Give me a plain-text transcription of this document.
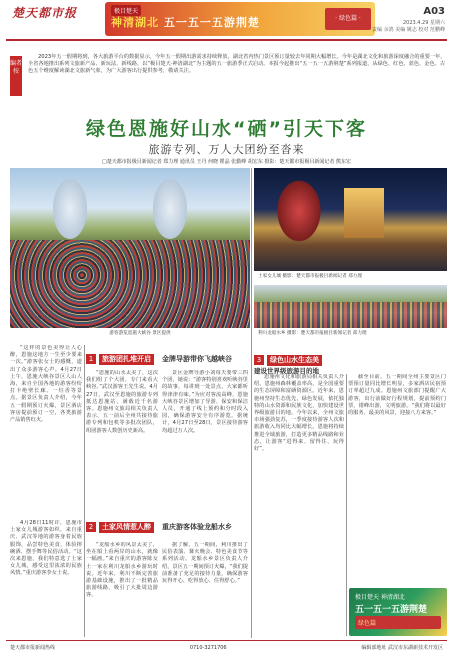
楚天都市报	极目楚天
神清湖北 五一五一五游荆楚	· 绿色篇 ·
A03
2023.4.29 星期六
责编 余鸽 美编 姚志 校对 范鹏峰
编者按
2023年五一假期将到，各大旅游平台的数据显示，今年五一假期出游需求持续释放，湖北省内热门景区预订量较去年同期大幅增长。今年是湖北文化和旅游深度融合的重要一年，全省各地推出系列文旅新产品、新玩法、新线路，以“极目楚天·神清湖北”为主题的五一旅游季正式启动。本报今起推出“五一五一五游荆楚”系列报道，从绿色、红色、蓝色、金色、古色五个维度解读湖北文旅新气象，为广大游客出行提供参考，敬请关注。
绿色恩施好山水“硒”引天下客
旅游专列、万人大团纷至沓来
□楚天都市报极目新闻记者 郑力理 通讯员 王丹 何晓 瞿晶 张勤峰 胡宏东 摄影：楚天都市报极目新闻记者 熊东宏
游客游览恩施大峡谷 景区提供
土家女儿城 摄影：楚天都市报极目新闻记者 郑力理
利川龙船水乡 摄影：楚天都市报极目新闻记者 郑力理
1	旅游团扎堆开启	金牌导游带你飞越峡谷
2	土家风情惹人醉	重庆游客体验龙船水乡
3	绿色山水生态美
建设世界级旅游目的地
“这样的景色美得让人心醉，恩施这地方一生至少要来一次。”游客张女士的感慨，道出了众多游客心声。4月27日上午，恩施大峡谷景区人山人海，来自全国各地的游客纷纷打卡绝壁长廊、一炷香等景点。据景区负责人介绍，今年五一假期预订火爆，景区酒店客房提前预订一空，各类旅游产品销售红火。
4月28日11时许，恩施市土家女儿城游客如织，来自重庆、武汉等地的游客身着民族服饰，品尝特色美食，体验摔碗酒、摆手舞等民俗活动。“这次来恩施，我们特意选了土家女儿城，感受这里浓浓的民族风情。”重庆游客李女士说。
“恩施的山水太美了，这次我们组了个大团，专门来看大峡谷。”武汉游客王先生说。4月27日，武汉至恩施的旅游专列抵达恩施站，满载近千名游客。恩施州文旅局相关负责人表示，五一前后全州共接待旅游专列和包机等多批次团队，组团游客人数创历史新高。
景区金牌导游小刘每天要带三四个团，她说：“游客特别喜欢听峡谷里的故事，每讲到一处景点，大家都听得津津有味。”为应对客流高峰，恩施大峡谷景区增加了导游、保安和保洁人员，开通了线上预约和分时段入园，确保游客安全有序游览。据统计，4月27日至28日，景区接待游客均超过万人次。
“龙船水乡的风景太美了，坐在船上看两岸的山水，就像一幅画。”来自重庆的游客陈女士一家在利川龙船水乡游玩时说。近年来，利川不断完善旅游基础设施，推出了一批精品旅游线路，吸引了大批周边游客。
据了解，五一期间，利川推出了民俗表演、篝火晚会、特色美食节等系列活动。龙船水乡景区负责人介绍，景区五一期间预订火爆，“我们提前准备了充足的接待力量，确保游客玩得开心、吃得放心、住得舒心。”
恩施州文化和旅游局相关负责人介绍，恩施州森林覆盖率高，是全国重要的生态屏障和富硒资源区。近年来，恩施州坚持生态优先、绿色发展，依托独特的山水资源和民族文化，加快建设世界级旅游目的地。今年以来，全州文旅市场强劲复苏，一季度接待游客人次和旅游收入均同比大幅增长。恩施将持续推进全域旅游，打造更多精品线路和业态，让游客“进得来、留得住、玩得好”。
截至目前，五一期间全州主要景区门票预订量同比增长明显，多家酒店民宿预订率超过九成。恩施州文旅部门提醒广大游客，出行前做好行程规划，提前预约门票，错峰出游，文明旅游。“我们将以最好的服务、最美的风景，迎接八方来客。”
极目楚天 神清湖北
五一五一五游荆楚
绿色篇
楚天都市报新闻热线	0710-3271706	编辑部地址 武汉市东湖新技术开发区
